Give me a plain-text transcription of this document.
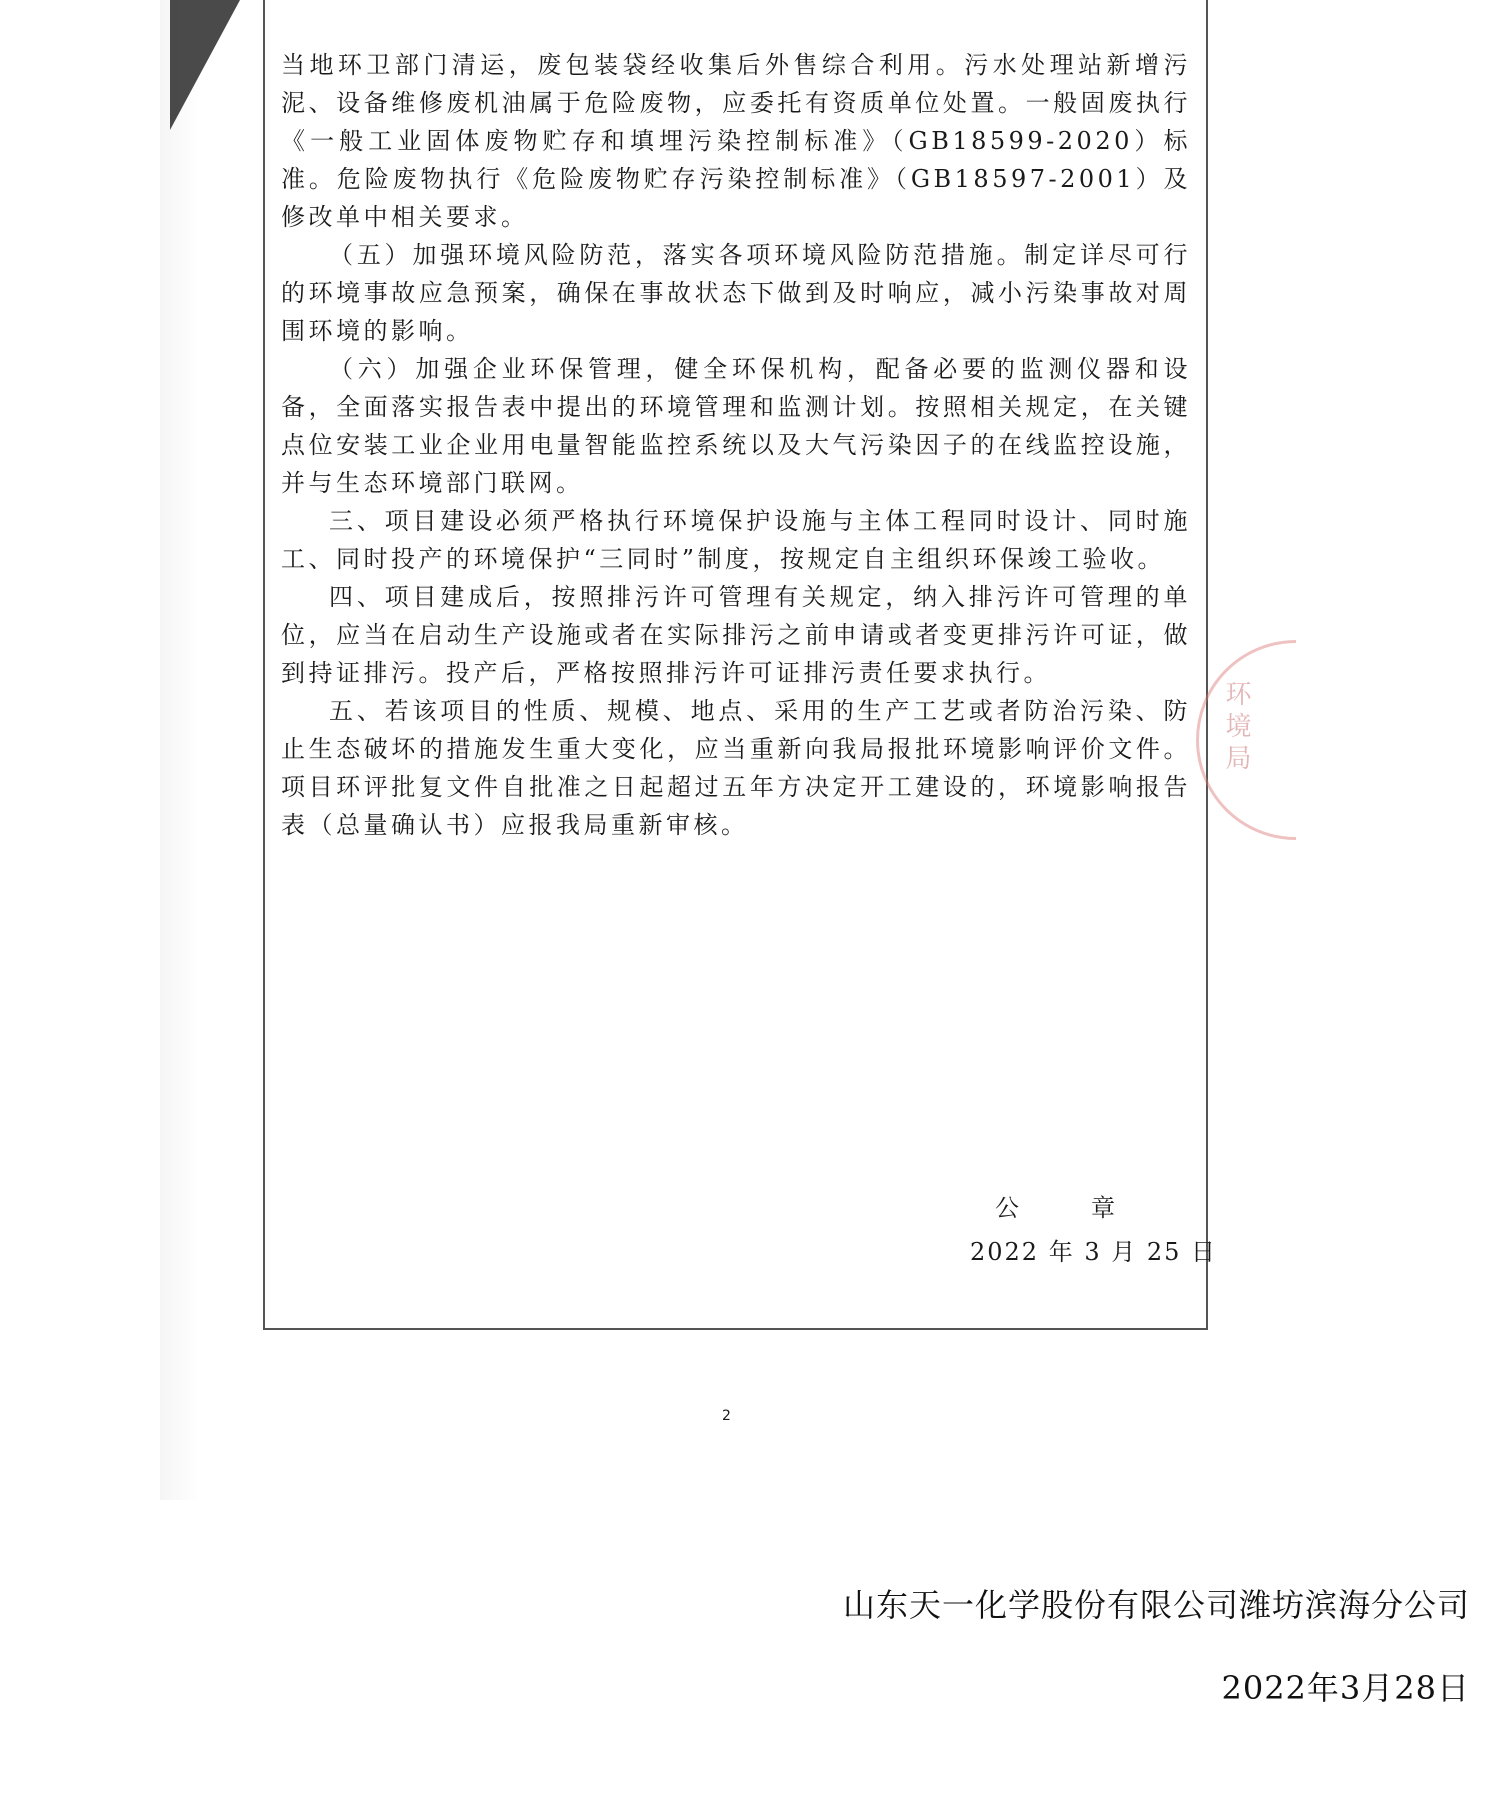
当地环卫部门清运，废包装袋经收集后外售综合利用。污水处理站新增污泥、设备维修废机油属于危险废物，应委托有资质单位处置。一般固废执行《一般工业固体废物贮存和填埋污染控制标准》（GB18599-2020）标准。危险废物执行《危险废物贮存污染控制标准》（GB18597-2001）及修改单中相关要求。

（五）加强环境风险防范，落实各项环境风险防范措施。制定详尽可行的环境事故应急预案，确保在事故状态下做到及时响应，减小污染事故对周围环境的影响。

（六）加强企业环保管理，健全环保机构，配备必要的监测仪器和设备，全面落实报告表中提出的环境管理和监测计划。按照相关规定，在关键点位安装工业企业用电量智能监控系统以及大气污染因子的在线监控设施，并与生态环境部门联网。

三、项目建设必须严格执行环境保护设施与主体工程同时设计、同时施工、同时投产的环境保护“三同时”制度，按规定自主组织环保竣工验收。

四、项目建成后，按照排污许可管理有关规定，纳入排污许可管理的单位，应当在启动生产设施或者在实际排污之前申请或者变更排污许可证，做到持证排污。投产后，严格按照排污许可证排污责任要求执行。

五、若该项目的性质、规模、地点、采用的生产工艺或者防治污染、防止生态破坏的措施发生重大变化，应当重新向我局报批环境影响评价文件。项目环评批复文件自批准之日起超过五年方决定开工建设的，环境影响报告表（总量确认书）应报我局重新审核。

公	章
2022 年 3 月 25 日
环境局
2
山东天一化学股份有限公司潍坊滨海分公司
2022年3月28日
